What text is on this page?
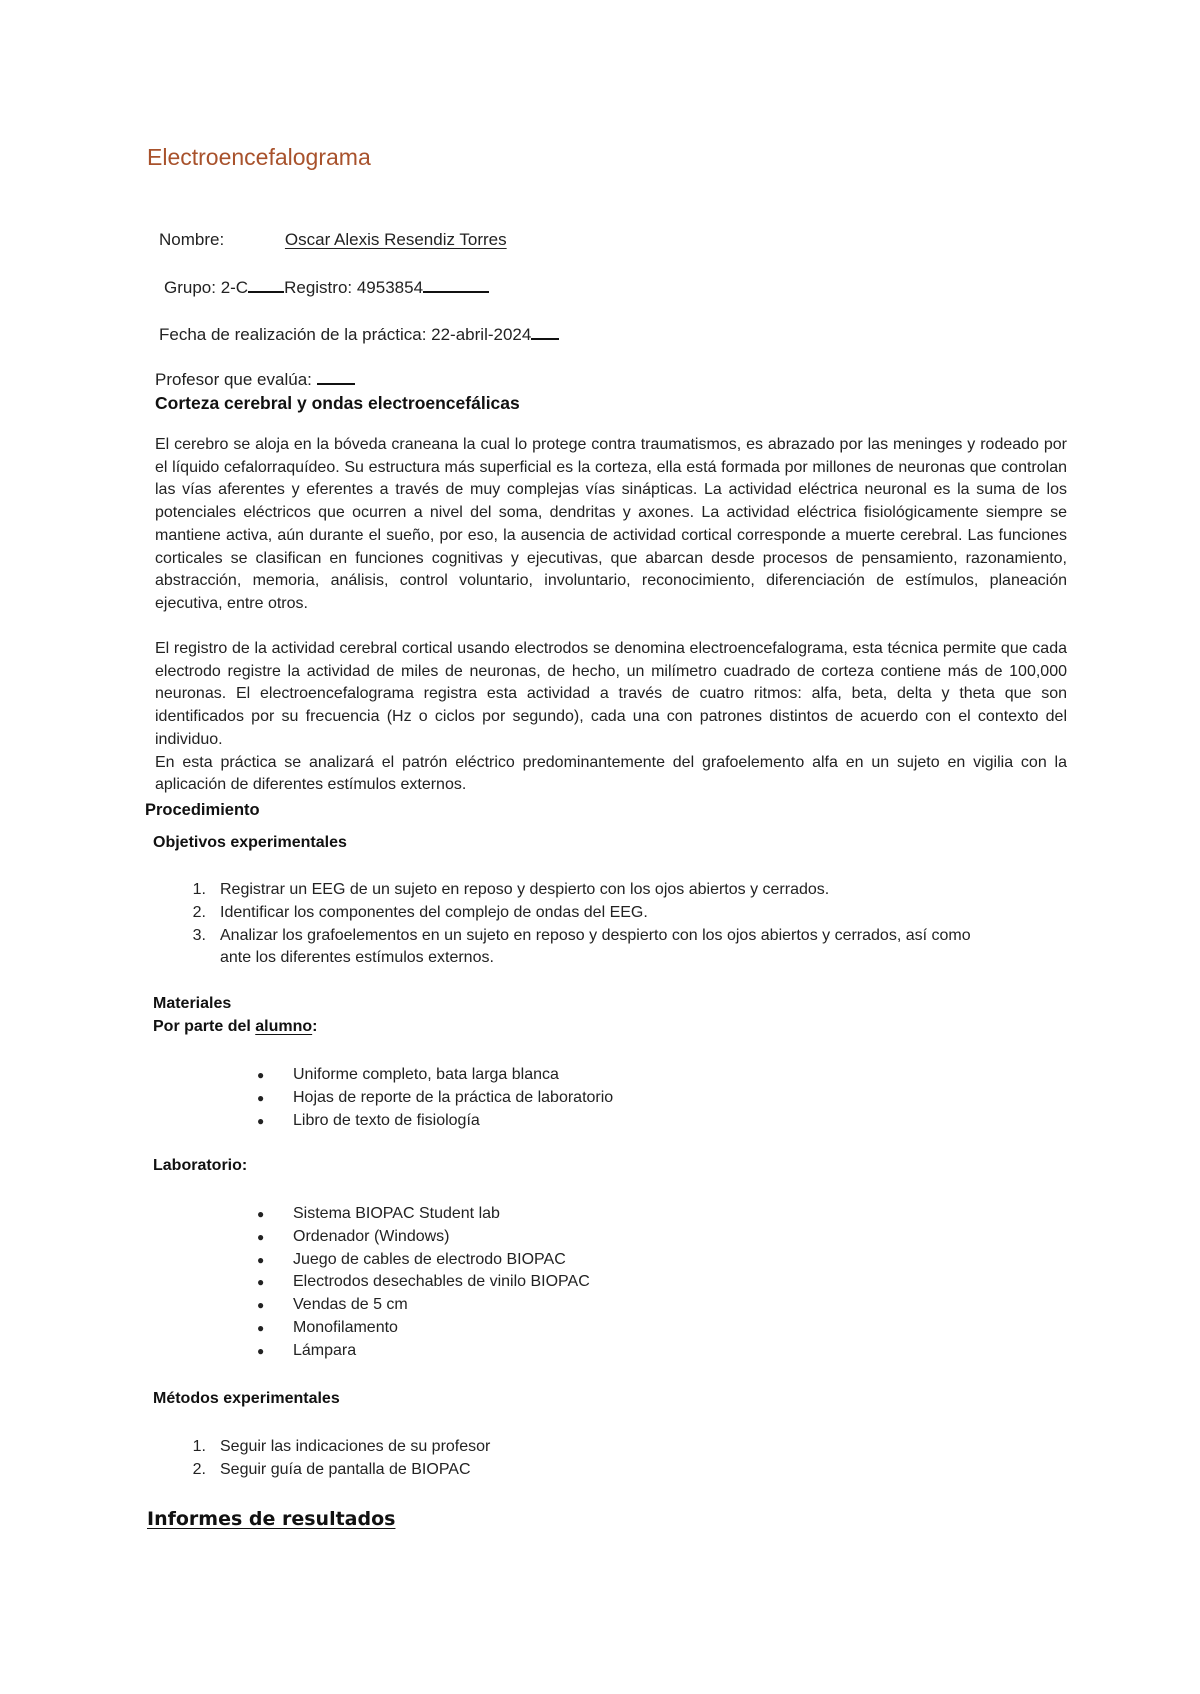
Electroencefalograma
Nombre:	Oscar Alexis Resendiz Torres
Grupo: 2-C Registro: 4953854
Fecha de realización de la práctica: 22-abril-2024
Profesor que evalúa:
Corteza cerebral y ondas electroencefálicas

El cerebro se aloja en la bóveda craneana la cual lo protege contra traumatismos, es abrazado por las meninges y rodeado por el líquido cefalorraquídeo. Su estructura más superficial es la corteza, ella está formada por millones de neuronas que controlan las vías aferentes y eferentes a través de muy complejas vías sinápticas. La actividad eléctrica neuronal es la suma de los potenciales eléctricos que ocurren a nivel del soma, dendritas y axones. La actividad eléctrica fisiológicamente siempre se mantiene activa, aún durante el sueño, por eso, la ausencia de actividad cortical corresponde a muerte cerebral. Las funciones corticales se clasifican en funciones cognitivas y ejecutivas, que abarcan desde procesos de pensamiento, razonamiento, abstracción, memoria, análisis, control voluntario, involuntario, reconocimiento, diferenciación de estímulos, planeación ejecutiva, entre otros.

El registro de la actividad cerebral cortical usando electrodos se denomina electroencefalograma, esta técnica permite que cada electrodo registre la actividad de miles de neuronas, de hecho, un milímetro cuadrado de corteza contiene más de 100,000 neuronas. El electroencefalograma registra esta actividad a través de cuatro ritmos: alfa, beta, delta y theta que son identificados por su frecuencia (Hz o ciclos por segundo), cada una con patrones distintos de acuerdo con el contexto del individuo.

En esta práctica se analizará el patrón eléctrico predominantemente del grafoelemento alfa en un sujeto en vigilia con la aplicación de diferentes estímulos externos.

Procedimiento
Objetivos experimentales
1. Registrar un EEG de un sujeto en reposo y despierto con los ojos abiertos y cerrados.
2. Identificar los componentes del complejo de ondas del EEG.
3. Analizar los grafoelementos en un sujeto en reposo y despierto con los ojos abiertos y cerrados, así como
ante los diferentes estímulos externos.
Materiales
Por parte del alumno:
● Uniforme completo, bata larga blanca
● Hojas de reporte de la práctica de laboratorio
● Libro de texto de fisiología
Laboratorio:
● Sistema BIOPAC Student lab
● Ordenador (Windows)
● Juego de cables de electrodo BIOPAC
● Electrodos desechables de vinilo BIOPAC
● Vendas de 5 cm
● Monofilamento
● Lámpara
Métodos experimentales
1. Seguir las indicaciones de su profesor
2. Seguir guía de pantalla de BIOPAC
Informes de resultados
